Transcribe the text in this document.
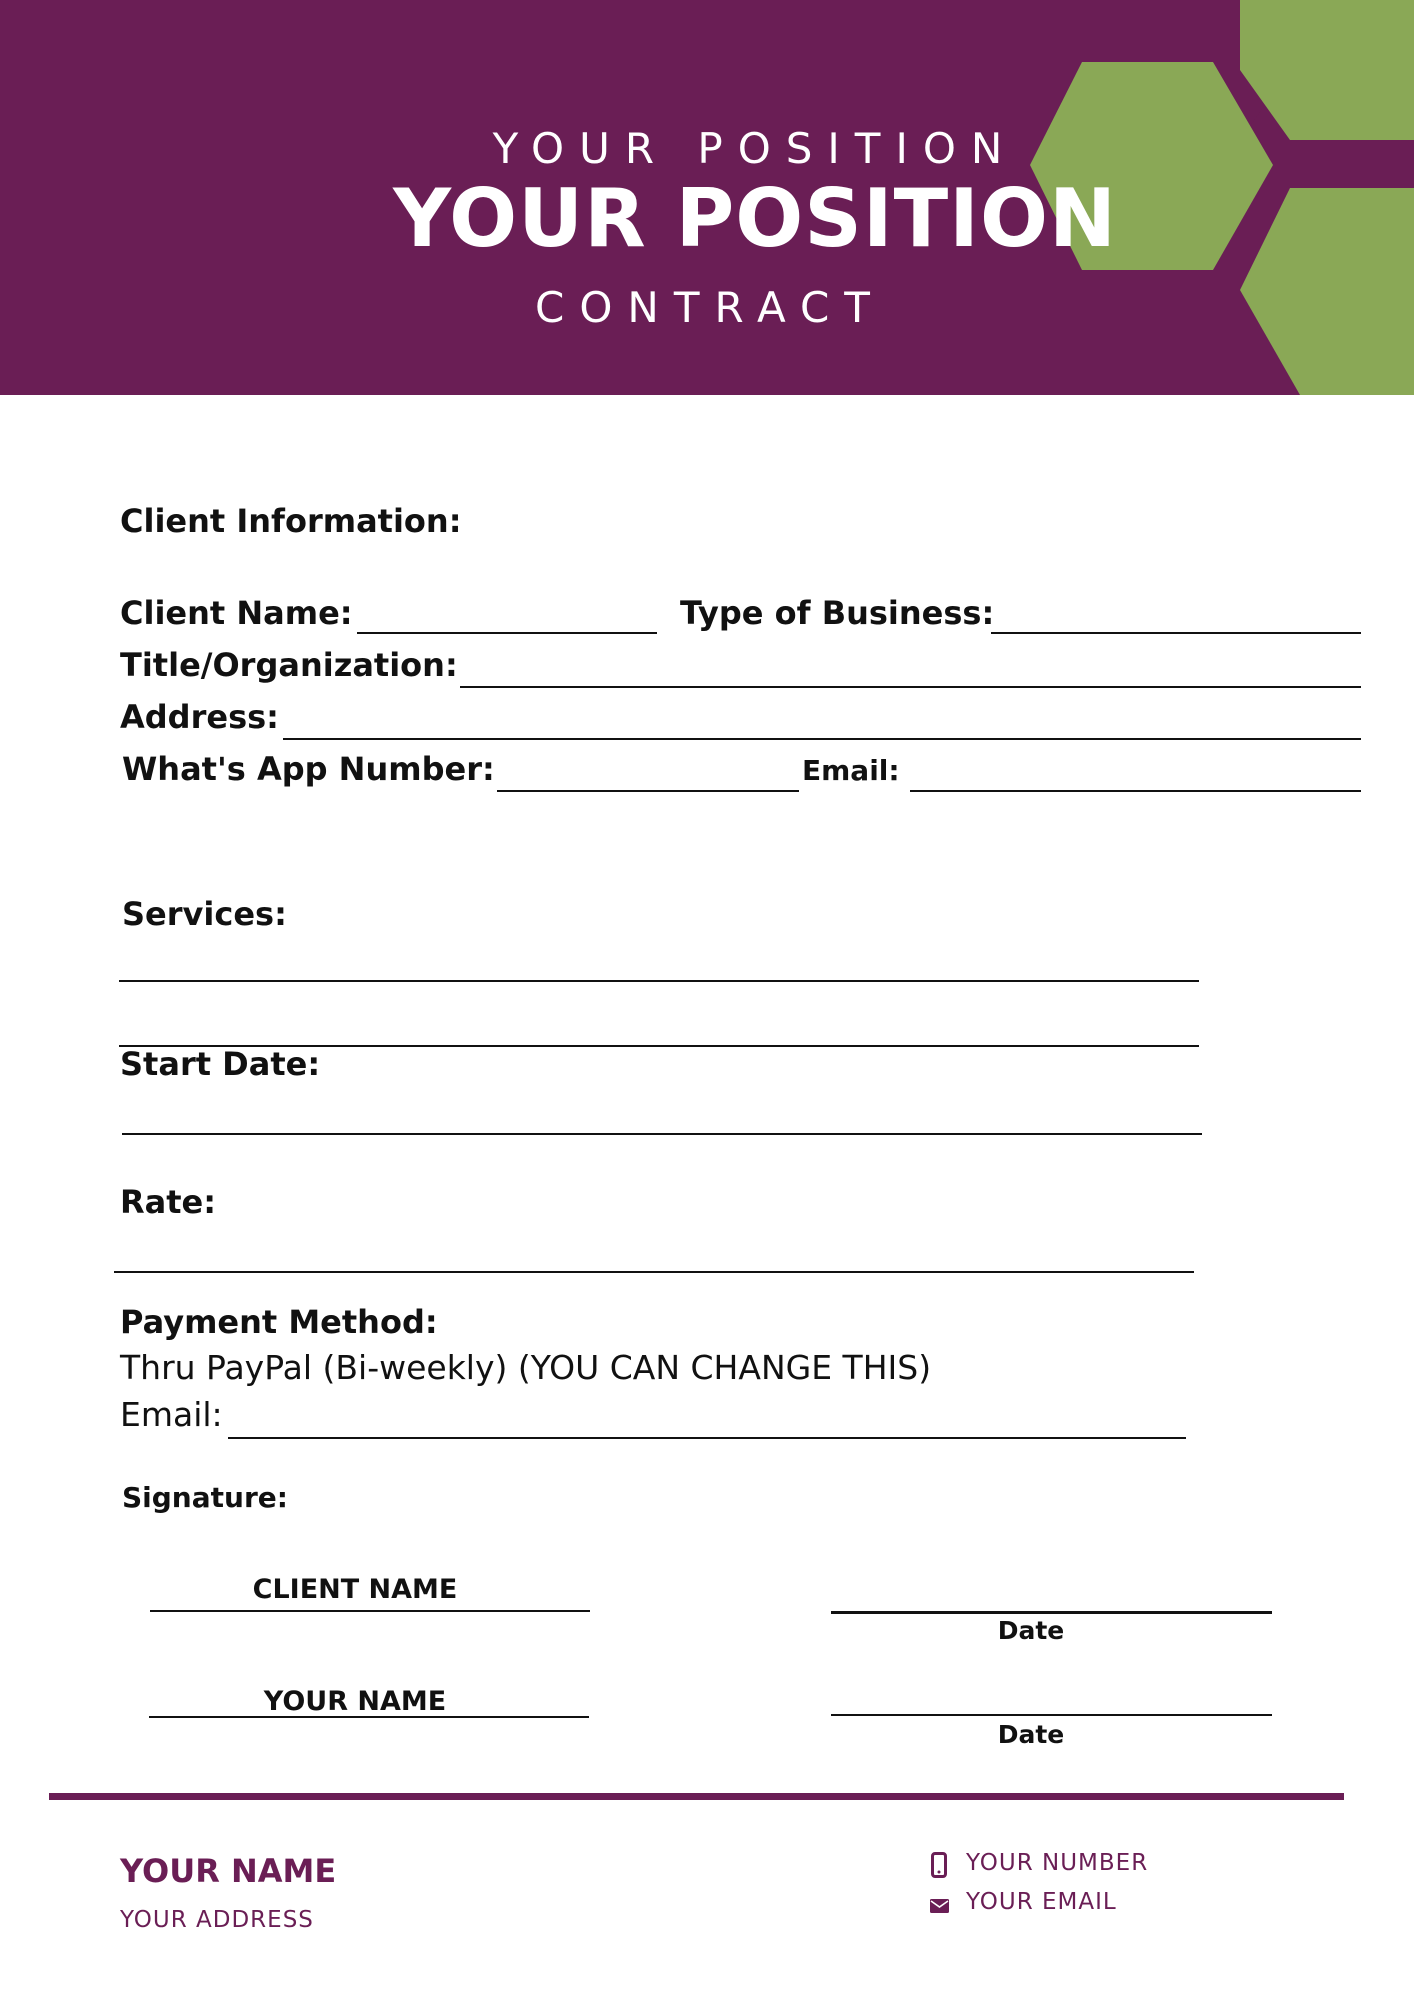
YOUR POSITION
YOUR POSITION
CONTRACT
Client Information:
Client Name:	Type of Business:
Title/Organization:
Address:
What's App Number:	Email:
Services:
Start Date:
Rate:
Payment Method:
Thru PayPal (Bi-weekly) (YOU CAN CHANGE THIS)
Email:
Signature:
CLIENT NAME
Date
YOUR NAME
Date
YOUR NAME
YOUR ADDRESS
YOUR NUMBER
YOUR EMAIL
